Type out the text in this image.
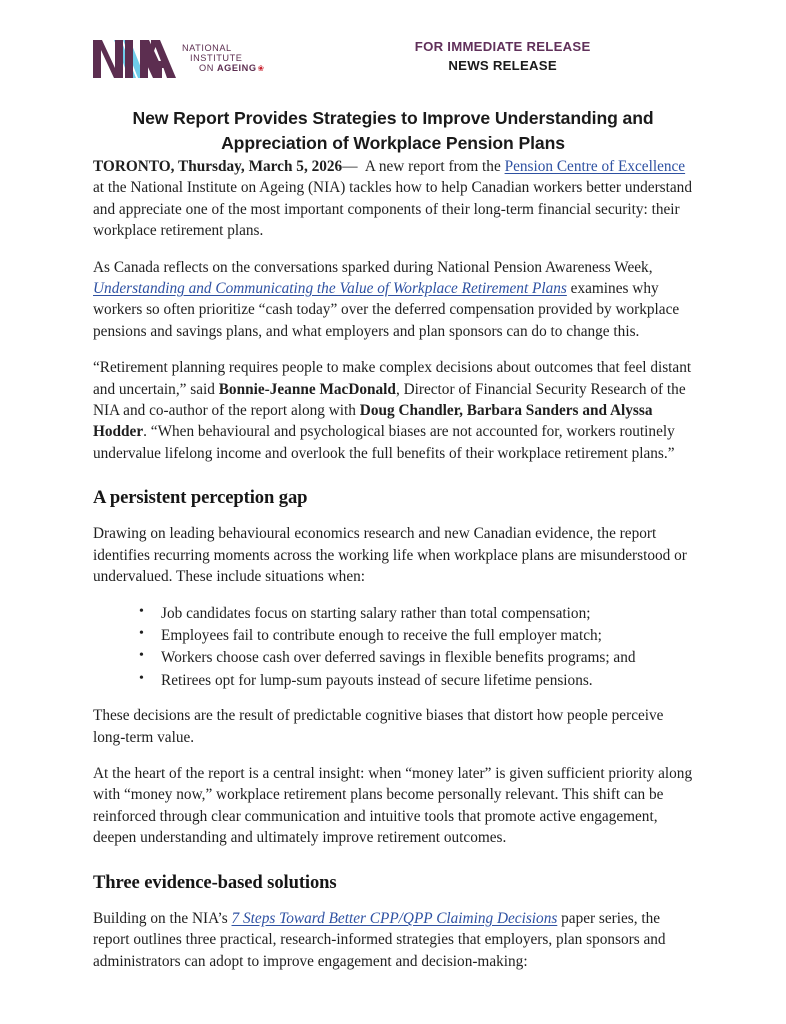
NATIONAL
INSTITUTE
ON AGEING❀
FOR IMMEDIATE RELEASE
NEWS RELEASE
New Report Provides Strategies to Improve Understanding and Appreciation of Workplace Pension Plans

TORONTO, Thursday, March 5, 2026— A new report from the Pension Centre of Excellence at the National Institute on Ageing (NIA) tackles how to help Canadian workers better understand and appreciate one of the most important components of their long-term financial security: their workplace retirement plans.

As Canada reflects on the conversations sparked during National Pension Awareness Week, Understanding and Communicating the Value of Workplace Retirement Plans examines why workers so often prioritize “cash today” over the deferred compensation provided by workplace pensions and savings plans, and what employers and plan sponsors can do to change this.

“Retirement planning requires people to make complex decisions about outcomes that feel distant and uncertain,” said Bonnie-Jeanne MacDonald, Director of Financial Security Research of the NIA and co-author of the report along with Doug Chandler, Barbara Sanders and Alyssa Hodder. “When behavioural and psychological biases are not accounted for, workers routinely undervalue lifelong income and overlook the full benefits of their workplace retirement plans.”

A persistent perception gap

Drawing on leading behavioural economics research and new Canadian evidence, the report identifies recurring moments across the working life when workplace plans are misunderstood or undervalued. These include situations when:

• Job candidates focus on starting salary rather than total compensation;
• Employees fail to contribute enough to receive the full employer match;
• Workers choose cash over deferred savings in flexible benefits programs; and
• Retirees opt for lump-sum payouts instead of secure lifetime pensions.

These decisions are the result of predictable cognitive biases that distort how people perceive long-term value.

At the heart of the report is a central insight: when “money later” is given sufficient priority along with “money now,” workplace retirement plans become personally relevant. This shift can be reinforced through clear communication and intuitive tools that promote active engagement, deepen understanding and ultimately improve retirement outcomes.

Three evidence-based solutions

Building on the NIA’s 7 Steps Toward Better CPP/QPP Claiming Decisions paper series, the report outlines three practical, research-informed strategies that employers, plan sponsors and administrators can adopt to improve engagement and decision-making:
